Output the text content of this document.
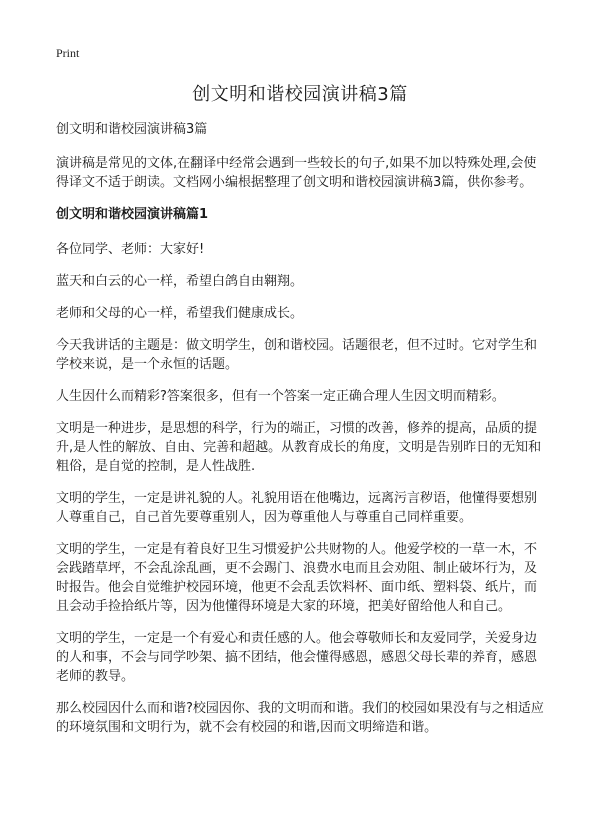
Print
创文明和谐校园演讲稿3篇

创文明和谐校园演讲稿3篇

演讲稿是常见的文体,在翻译中经常会遇到一些较长的句子,如果不加以特殊处理,会使得译文不适于朗读。文档网小编根据整理了创文明和谐校园演讲稿3篇，供你参考。

创文明和谐校园演讲稿篇1

各位同学、老师：大家好!

蓝天和白云的心一样，希望白鸽自由翱翔。

老师和父母的心一样，希望我们健康成长。

今天我讲话的主题是：做文明学生，创和谐校园。话题很老，但不过时。它对学生和学校来说，是一个永恒的话题。

人生因什么而精彩?答案很多，但有一个答案一定正确合理人生因文明而精彩。

文明是一种进步，是思想的科学，行为的端正，习惯的改善，修养的提高，品质的提升,是人性的解放、自由、完善和超越。从教育成长的角度，文明是告别昨日的无知和粗俗，是自觉的控制，是人性战胜.

文明的学生，一定是讲礼貌的人。礼貌用语在他嘴边，远离污言秽语，他懂得要想别人尊重自己，自己首先要尊重别人，因为尊重他人与尊重自己同样重要。

文明的学生，一定是有着良好卫生习惯爱护公共财物的人。他爱学校的一草一木，不会践踏草坪，不会乱涂乱画，更不会踢门、浪费水电而且会劝阻、制止破坏行为，及时报告。他会自觉维护校园环境，他更不会乱丢饮料杯、面巾纸、塑料袋、纸片，而且会动手捡拾纸片等，因为他懂得环境是大家的环境，把美好留给他人和自己。

文明的学生，一定是一个有爱心和责任感的人。他会尊敬师长和友爱同学，关爱身边的人和事，不会与同学吵架、搞不团结，他会懂得感恩，感恩父母长辈的养育，感恩老师的教导。

那么校园因什么而和谐?校园因你、我的文明而和谐。我们的校园如果没有与之相适应的环境氛围和文明行为，就不会有校园的和谐,因而文明缔造和谐。
